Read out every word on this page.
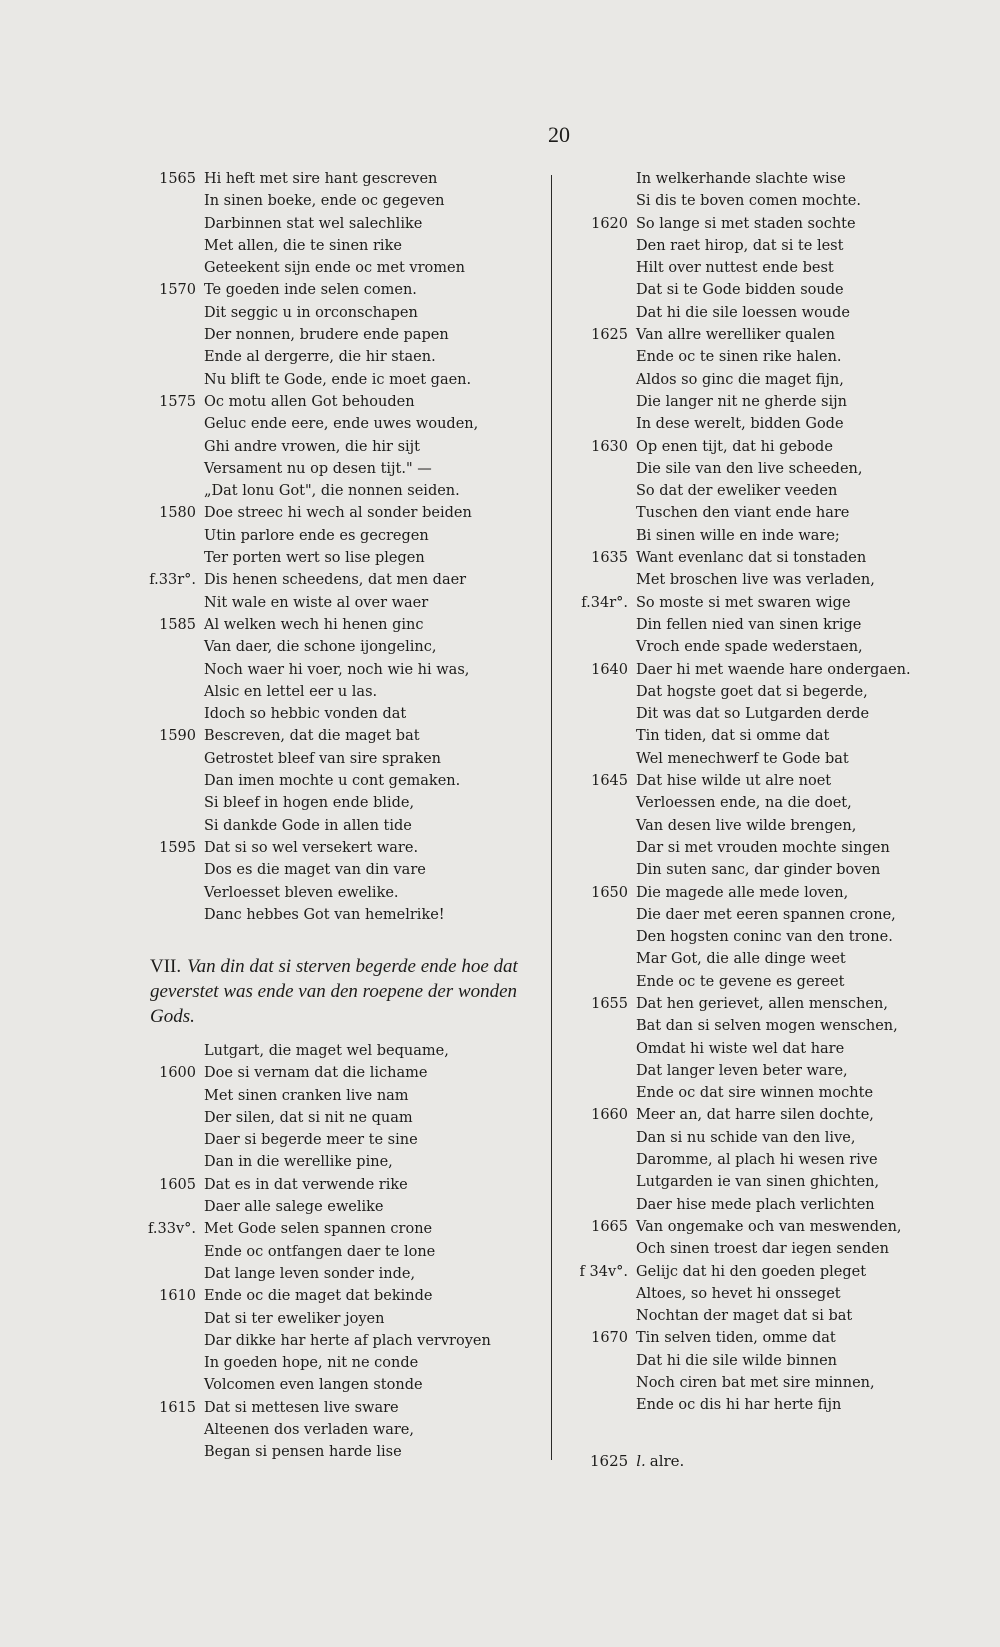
20
1565 Hi heft met sire hant gescreven
In sinen boeke, ende oc gegeven
Darbinnen stat wel salechlike
Met allen, die te sinen rike
Geteekent sijn ende oc met vromen
1570 Te goeden inde selen comen.
Dit seggic u in orconschapen
Der nonnen, brudere ende papen
Ende al dergerre, die hir staen.
Nu blift te Gode, ende ic moet gaen.
1575 Oc motu allen Got behouden
Geluc ende eere, ende uwes wouden,
Ghi andre vrowen, die hir sijt
Versament nu op desen tijt." —
„Dat lonu Got", die nonnen seiden.
1580 Doe streec hi wech al sonder beiden
Utin parlore ende es gecregen
Ter porten wert so lise plegen
f.33r°. Dis henen scheedens, dat men daer
Nit wale en wiste al over waer
1585 Al welken wech hi henen ginc
Van daer, die schone ijongelinc,
Noch waer hi voer, noch wie hi was,
Alsic en lettel eer u las.
Idoch so hebbic vonden dat
1590 Bescreven, dat die maget bat
Getrostet bleef van sire spraken
Dan imen mochte u cont gemaken.
Si bleef in hogen ende blide,
Si dankde Gode in allen tide
1595 Dat si so wel versekert ware.
Dos es die maget van din vare
Verloesset bleven ewelike.
Danc hebbes Got van hemelrike!
VII. Van din dat si sterven begerde ende hoe dat geverstet was ende van den roepene der wonden Gods.
Lutgart, die maget wel bequame,
1600 Doe si vernam dat die lichame
Met sinen cranken live nam
Der silen, dat si nit ne quam
Daer si begerde meer te sine
Dan in die werellike pine,
1605 Dat es in dat verwende rike
Daer alle salege ewelike
f.33v°. Met Gode selen spannen crone
Ende oc ontfangen daer te lone
Dat lange leven sonder inde,
1610 Ende oc die maget dat bekinde
Dat si ter eweliker joyen
Dar dikke har herte af plach vervroyen
In goeden hope, nit ne conde
Volcomen even langen stonde
1615 Dat si mettesen live sware
Alteenen dos verladen ware,
Began si pensen harde lise
In welkerhande slachte wise
Si dis te boven comen mochte.
1620 So lange si met staden sochte
Den raet hirop, dat si te lest
Hilt over nuttest ende best
Dat si te Gode bidden soude
Dat hi die sile loessen woude
1625 Van allre werelliker qualen
Ende oc te sinen rike halen.
Aldos so ginc die maget fijn,
Die langer nit ne gherde sijn
In dese werelt, bidden Gode
1630 Op enen tijt, dat hi gebode
Die sile van den live scheeden,
So dat der eweliker veeden
Tuschen den viant ende hare
Bi sinen wille en inde ware;
1635 Want evenlanc dat si tonstaden
Met broschen live was verladen,
f.34r°. So moste si met swaren wige
Din fellen nied van sinen krige
Vroch ende spade wederstaen,
1640 Daer hi met waende hare ondergaen.
Dat hogste goet dat si begerde,
Dit was dat so Lutgarden derde
Tin tiden, dat si omme dat
Wel menechwerf te Gode bat
1645 Dat hise wilde ut alre noet
Verloessen ende, na die doet,
Van desen live wilde brengen,
Dar si met vrouden mochte singen
Din suten sanc, dar ginder boven
1650 Die magede alle mede loven,
Die daer met eeren spannen crone,
Den hogsten coninc van den trone.
Mar Got, die alle dinge weet
Ende oc te gevene es gereet
1655 Dat hen gerievet, allen menschen,
Bat dan si selven mogen wenschen,
Omdat hi wiste wel dat hare
Dat langer leven beter ware,
Ende oc dat sire winnen mochte
1660 Meer an, dat harre silen dochte,
Dan si nu schide van den live,
Daromme, al plach hi wesen rive
Lutgarden ie van sinen ghichten,
Daer hise mede plach verlichten
1665 Van ongemake och van meswenden,
Och sinen troest dar iegen senden
f 34v°. Gelijc dat hi den goeden pleget
Altoes, so hevet hi onsseget
Nochtan der maget dat si bat
1670 Tin selven tiden, omme dat
Dat hi die sile wilde binnen
Noch ciren bat met sire minnen,
Ende oc dis hi har herte fijn
1625 l. alre.
